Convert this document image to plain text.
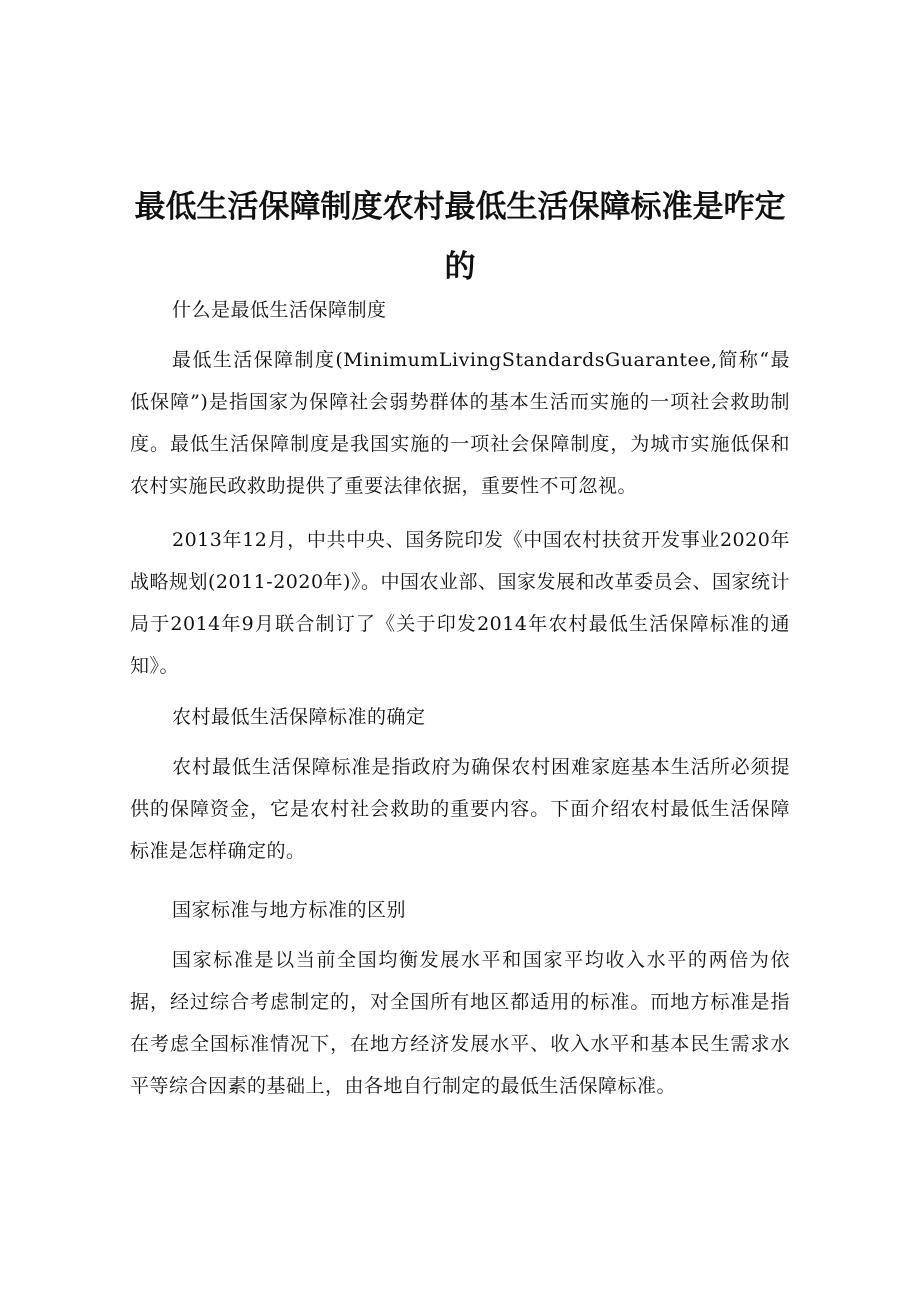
最低生活保障制度农村最低生活保障标准是咋定的

什么是最低生活保障制度

最低生活保障制度(MinimumLivingStandardsGuarantee,简称“最低保障”)是指国家为保障社会弱势群体的基本生活而实施的一项社会救助制度。最低生活保障制度是我国实施的一项社会保障制度，为城市实施低保和农村实施民政救助提供了重要法律依据，重要性不可忽视。

2013年12月，中共中央、国务院印发《中国农村扶贫开发事业2020年战略规划(2011-2020年)》。中国农业部、国家发展和改革委员会、国家统计局于2014年9月联合制订了《关于印发2014年农村最低生活保障标准的通知》。

农村最低生活保障标准的确定

农村最低生活保障标准是指政府为确保农村困难家庭基本生活所必须提供的保障资金，它是农村社会救助的重要内容。下面介绍农村最低生活保障标准是怎样确定的。

国家标准与地方标准的区别

国家标准是以当前全国均衡发展水平和国家平均收入水平的两倍为依据，经过综合考虑制定的，对全国所有地区都适用的标准。而地方标准是指在考虑全国标准情况下，在地方经济发展水平、收入水平和基本民生需求水平等综合因素的基础上，由各地自行制定的最低生活保障标准。
